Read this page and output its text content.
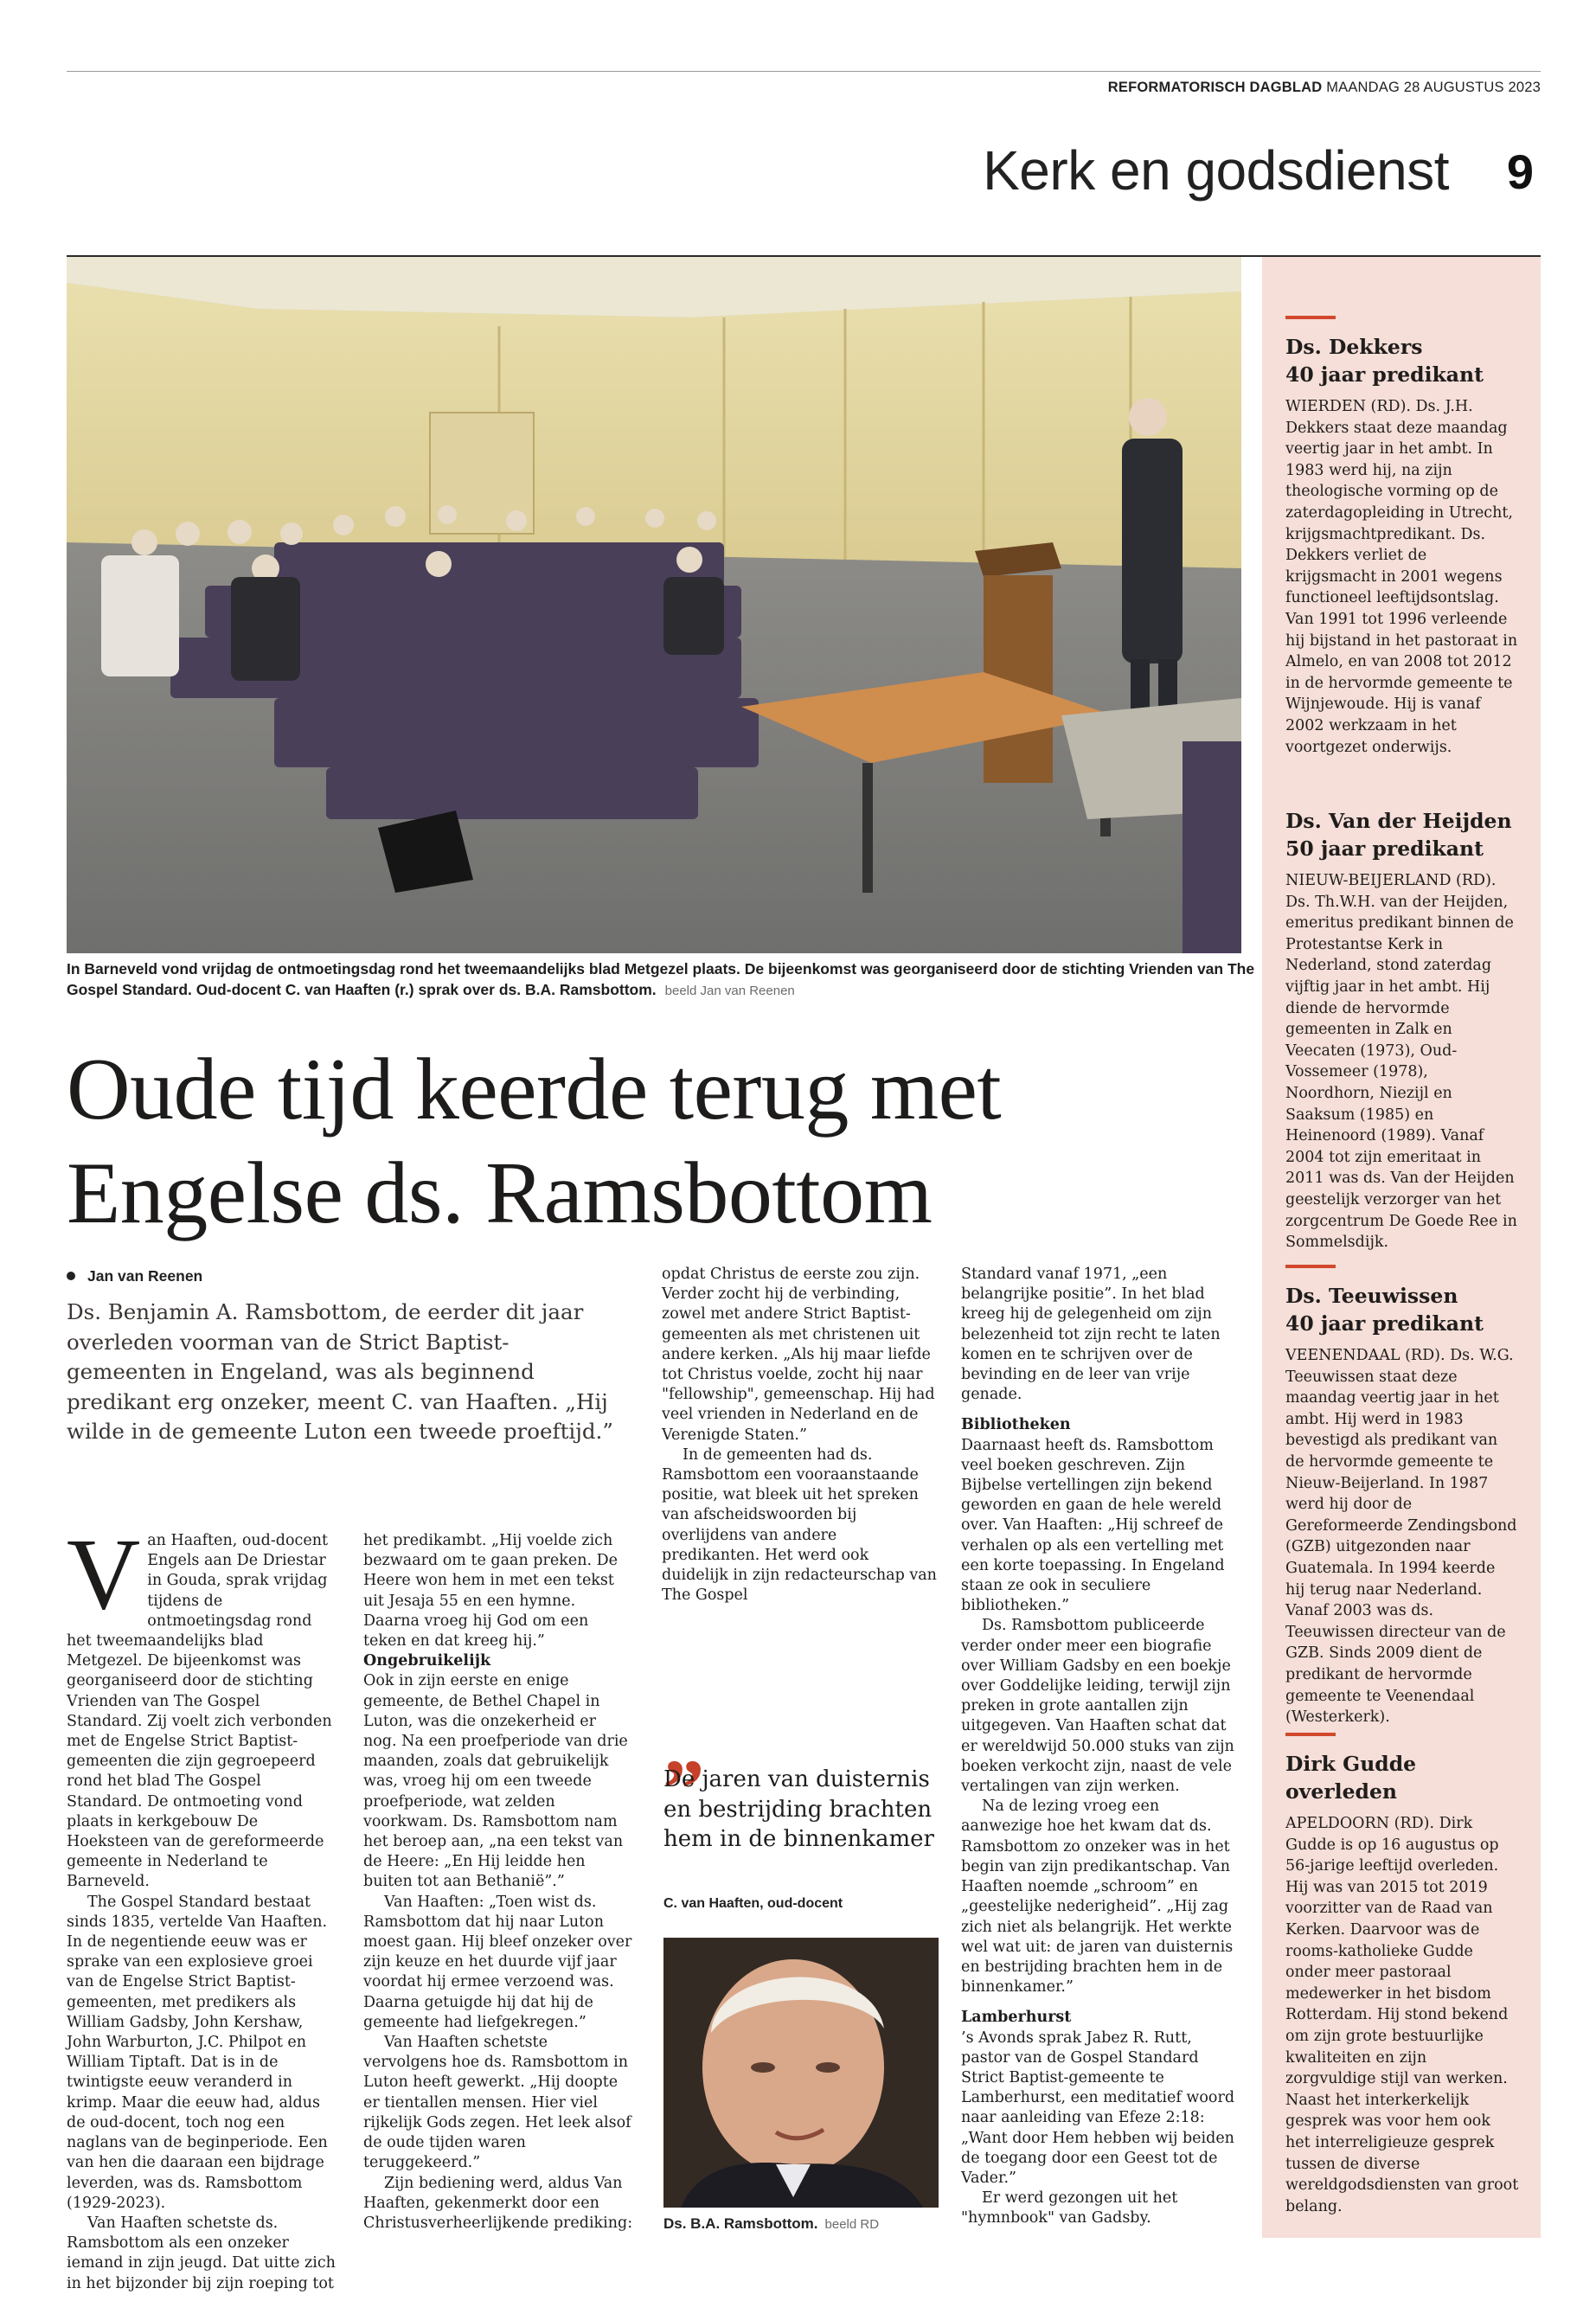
REFORMATORISCH DAGBLAD MAANDAG 28 AUGUSTUS 2023
Kerk en godsdienst 9
In Barneveld vond vrijdag de ontmoetingsdag rond het tweemaandelijks blad Metgezel plaats. De bijeenkomst was georganiseerd door de stichting Vrienden van The Gospel Standard. Oud-docent C. van Haaften (r.) sprak over ds. B.A. Ramsbottom. beeld Jan van Reenen
Oude tijd keerde terug met
Engelse ds. Ramsbottom
Jan van Reenen
Ds. Benjamin A. Ramsbottom, de eerder dit jaar overleden voorman van de Strict Baptist-gemeenten in Engeland, was als beginnend predikant erg onzeker, meent C. van Haaften. „Hij wilde in de gemeente Luton een tweede proeftijd.”
V an Haaften, oud-docent Engels aan De Driestar in Gouda, sprak vrijdag tijdens de ontmoetingsdag rond het tweemaandelijks blad Metgezel. De bijeenkomst was georganiseerd door de stichting Vrienden van The Gospel Standard. Zij voelt zich verbonden met de Engelse Strict Baptist-gemeenten die zijn gegroepeerd rond het blad The Gospel Standard. De ontmoeting vond plaats in kerkgebouw De Hoeksteen van de gereformeerde gemeente in Nederland te Barneveld.

The Gospel Standard bestaat sinds 1835, vertelde Van Haaften. In de negentiende eeuw was er sprake van een explosieve groei van de Engelse Strict Baptist-gemeenten, met predikers als William Gadsby, John Kershaw, John Warburton, J.C. Philpot en William Tiptaft. Dat is in de twintigste eeuw veranderd in krimp. Maar die eeuw had, aldus de oud-docent, toch nog een naglans van de beginperiode. Een van hen die daaraan een bijdrage leverden, was ds. Ramsbottom (1929-2023).

Van Haaften schetste ds. Ramsbottom als een onzeker iemand in zijn jeugd. Dat uitte zich in het bijzonder bij zijn roeping tot

het predikambt. „Hij voelde zich bezwaard om te gaan preken. De Heere won hem in met een tekst uit Jesaja 55 en een hymne. Daarna vroeg hij God om een teken en dat kreeg hij.”

Ongebruikelijk

Ook in zijn eerste en enige gemeente, de Bethel Chapel in Luton, was die onzekerheid er nog. Na een proefperiode van drie maanden, zoals dat gebruikelijk was, vroeg hij om een tweede proefperiode, wat zelden voorkwam. Ds. Ramsbottom nam het beroep aan, „na een tekst van de Heere: „En Hij leidde hen buiten tot aan Bethanië”.”

Van Haaften: „Toen wist ds. Ramsbottom dat hij naar Luton moest gaan. Hij bleef onzeker over zijn keuze en het duurde vijf jaar voordat hij ermee verzoend was. Daarna getuigde hij dat hij de gemeente had liefgekregen.”

Van Haaften schetste vervolgens hoe ds. Ramsbottom in Luton heeft gewerkt. „Hij doopte er tientallen mensen. Hier viel rijkelijk Gods zegen. Het leek alsof de oude tijden waren teruggekeerd.”

Zijn bediening werd, aldus Van Haaften, gekenmerkt door een Christusverheerlijkende prediking:

opdat Christus de eerste zou zijn. Verder zocht hij de verbinding, zowel met andere Strict Baptist-gemeenten als met christenen uit andere kerken. „Als hij maar liefde tot Christus voelde, zocht hij naar "fellowship", gemeenschap. Hij had veel vrienden in Nederland en de Verenigde Staten.”

In de gemeenten had ds. Ramsbottom een vooraanstaande positie, wat bleek uit het spreken van afscheidswoorden bij overlijdens van andere predikanten. Het werd ook duidelijk in zijn redacteurschap van The Gospel

„
De jaren van duisternis en bestrijding brachten hem in de binnenkamer
C. van Haaften, oud-docent
Ds. B.A. Ramsbottom. beeld RD

Standard vanaf 1971, „een belangrijke positie”. In het blad kreeg hij de gelegenheid om zijn belezenheid tot zijn recht te laten komen en te schrijven over de bevinding en de leer van vrije genade.

Bibliotheken

Daarnaast heeft ds. Ramsbottom veel boeken geschreven. Zijn Bijbelse vertellingen zijn bekend geworden en gaan de hele wereld over. Van Haaften: „Hij schreef de verhalen op als een vertelling met een korte toepassing. In Engeland staan ze ook in seculiere bibliotheken.”

Ds. Ramsbottom publiceerde verder onder meer een biografie over William Gadsby en een boekje over Goddelijke leiding, terwijl zijn preken in grote aantallen zijn uitgegeven. Van Haaften schat dat er wereldwijd 50.000 stuks van zijn boeken verkocht zijn, naast de vele vertalingen van zijn werken.

Na de lezing vroeg een aanwezige hoe het kwam dat ds. Ramsbottom zo onzeker was in het begin van zijn predikantschap. Van Haaften noemde „schroom” en „geestelijke nederigheid”. „Hij zag zich niet als belangrijk. Het werkte wel wat uit: de jaren van duisternis en bestrijding brachten hem in de binnenkamer.”

Lamberhurst

’s Avonds sprak Jabez R. Rutt, pastor van de Gospel Standard Strict Baptist-gemeente te Lamberhurst, een meditatief woord naar aanleiding van Efeze 2:18: „Want door Hem hebben wij beiden de toegang door een Geest tot de Vader.”

Er werd gezongen uit het "hymnbook" van Gadsby.

Ds. Dekkers
40 jaar predikant

WIERDEN (RD). Ds. J.H. Dekkers staat deze maandag veertig jaar in het ambt. In 1983 werd hij, na zijn theologische vorming op de zaterdagopleiding in Utrecht, krijgsmachtpredikant. Ds. Dekkers verliet de krijgsmacht in 2001 wegens functioneel leeftijdsontslag. Van 1991 tot 1996 verleende hij bijstand in het pastoraat in Almelo, en van 2008 tot 2012 in de hervormde gemeente te Wijnjewoude. Hij is vanaf 2002 werkzaam in het voortgezet onderwijs.

Ds. Van der Heijden
50 jaar predikant

NIEUW-BEIJERLAND (RD). Ds. Th.W.H. van der Heijden, emeritus predikant binnen de Protestantse Kerk in Nederland, stond zaterdag vijftig jaar in het ambt. Hij diende de hervormde gemeenten in Zalk en Veecaten (1973), Oud-Vossemeer (1978), Noordhorn, Niezijl en Saaksum (1985) en Heinenoord (1989). Vanaf 2004 tot zijn emeritaat in 2011 was ds. Van der Heijden geestelijk verzorger van het zorgcentrum De Goede Ree in Sommelsdijk.

Ds. Teeuwissen
40 jaar predikant

VEENENDAAL (RD). Ds. W.G. Teeuwissen staat deze maandag veertig jaar in het ambt. Hij werd in 1983 bevestigd als predikant van de hervormde gemeente te Nieuw-Beijerland. In 1987 werd hij door de Gereformeerde Zendingsbond (GZB) uitgezonden naar Guatemala. In 1994 keerde hij terug naar Nederland. Vanaf 2003 was ds. Teeuwissen directeur van de GZB. Sinds 2009 dient de predikant de hervormde gemeente te Veenendaal (Westerkerk).

Dirk Gudde
overleden

APELDOORN (RD). Dirk Gudde is op 16 augustus op 56-jarige leeftijd overleden. Hij was van 2015 tot 2019 voorzitter van de Raad van Kerken. Daarvoor was de rooms-katholieke Gudde onder meer pastoraal medewerker in het bisdom Rotterdam. Hij stond bekend om zijn grote bestuurlijke kwaliteiten en zijn zorgvuldige stijl van werken. Naast het interkerkelijk gesprek was voor hem ook het interreligieuze gesprek tussen de diverse wereldgodsdiensten van groot belang.
